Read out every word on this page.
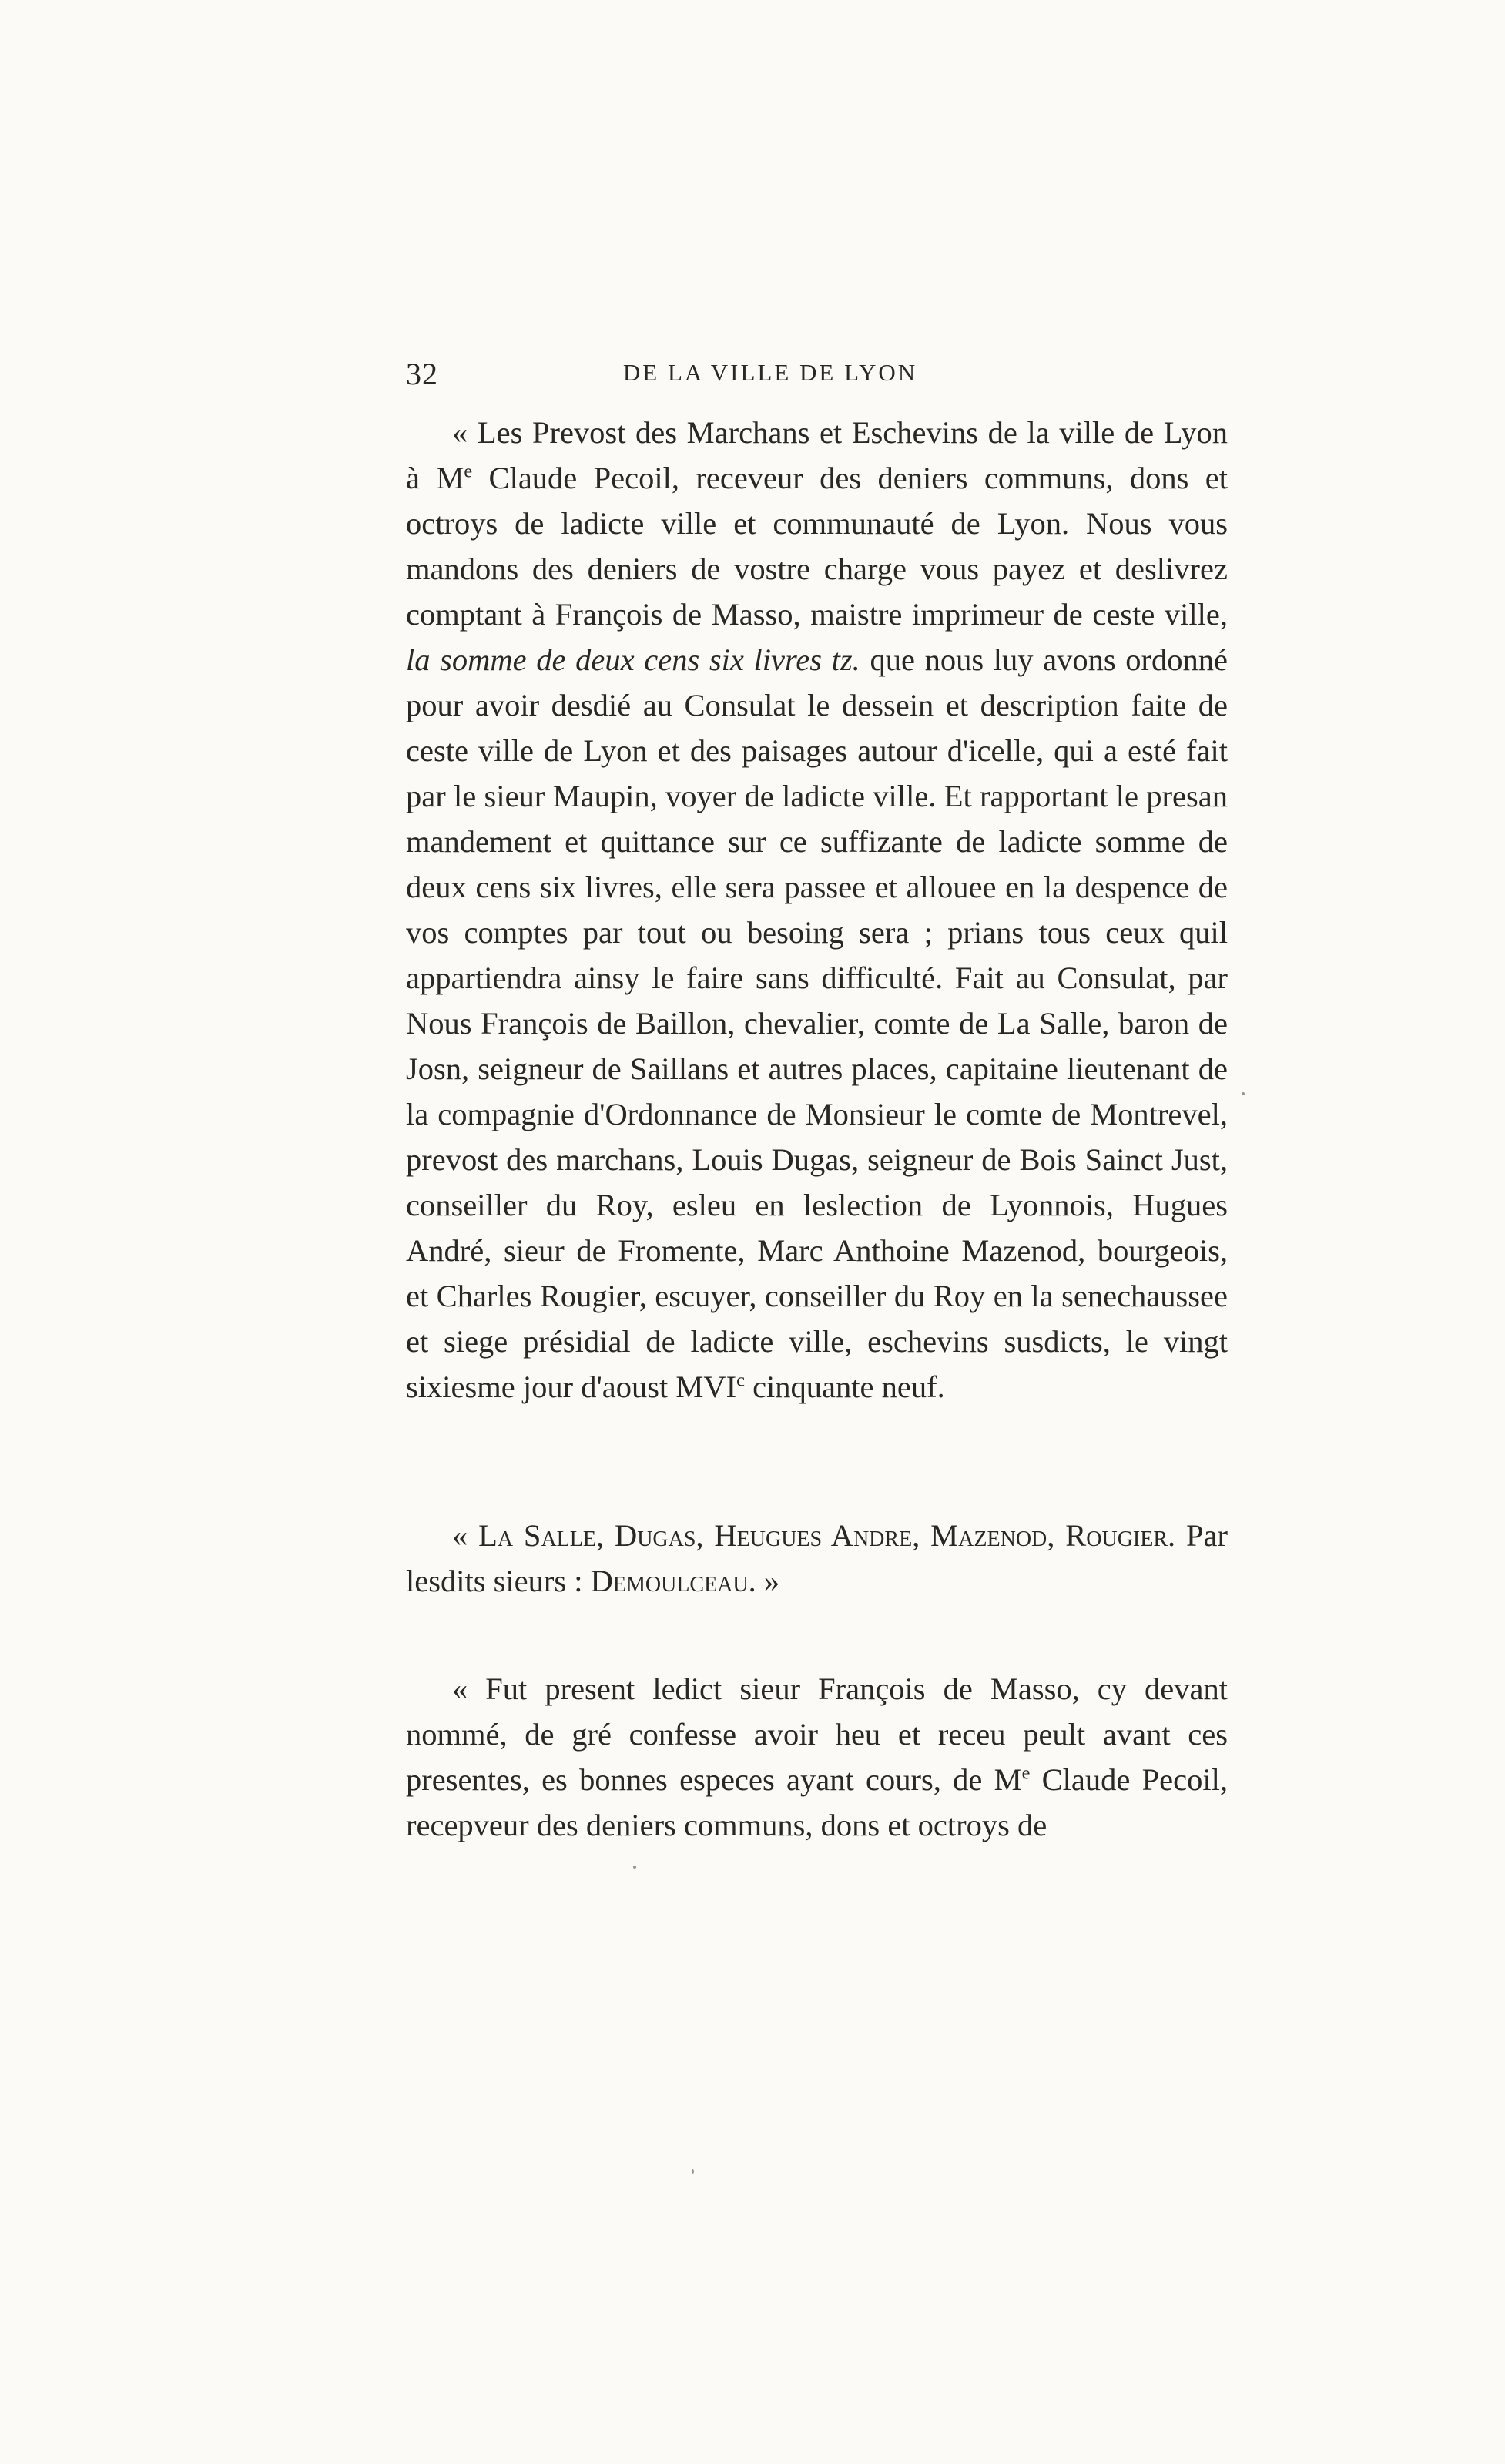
32	DE LA VILLE DE LYON

« Les Prevost des Marchans et Eschevins de la ville de Lyon à Me Claude Pecoil, receveur des deniers communs, dons et octroys de ladicte ville et communauté de Lyon. Nous vous mandons des deniers de vostre charge vous payez et deslivrez comptant à François de Masso, maistre imprimeur de ceste ville, la somme de deux cens six livres tz. que nous luy avons ordonné pour avoir desdié au Consulat le dessein et description faite de ceste ville de Lyon et des paisages autour d'icelle, qui a esté fait par le sieur Maupin, voyer de ladicte ville. Et rapportant le presan mandement et quittance sur ce suffizante de ladicte somme de deux cens six livres, elle sera passee et allouee en la despence de vos comptes par tout ou besoing sera ; prians tous ceux quil appartiendra ainsy le faire sans difficulté. Fait au Consulat, par Nous François de Baillon, chevalier, comte de La Salle, baron de Josn, seigneur de Saillans et autres places, capitaine lieutenant de la compagnie d'Ordonnance de Monsieur le comte de Montrevel, prevost des marchans, Louis Dugas, seigneur de Bois Sainct Just, conseiller du Roy, esleu en leslection de Lyonnois, Hugues André, sieur de Fromente, Marc Anthoine Mazenod, bourgeois, et Charles Rougier, escuyer, conseiller du Roy en la senechaussee et siege présidial de ladicte ville, eschevins susdicts, le vingt sixiesme jour d'aoust MVI$^c$ cinquante neuf.

« La Salle, Dugas, Heugues Andre, Mazenod, Rougier. Par lesdits sieurs : Demoulceau. »

« Fut present ledict sieur François de Masso, cy devant nommé, de gré confesse avoir heu et receu peult avant ces presentes, es bonnes especes ayant cours, de Me Claude Pecoil, recepveur des deniers communs, dons et octroys de
